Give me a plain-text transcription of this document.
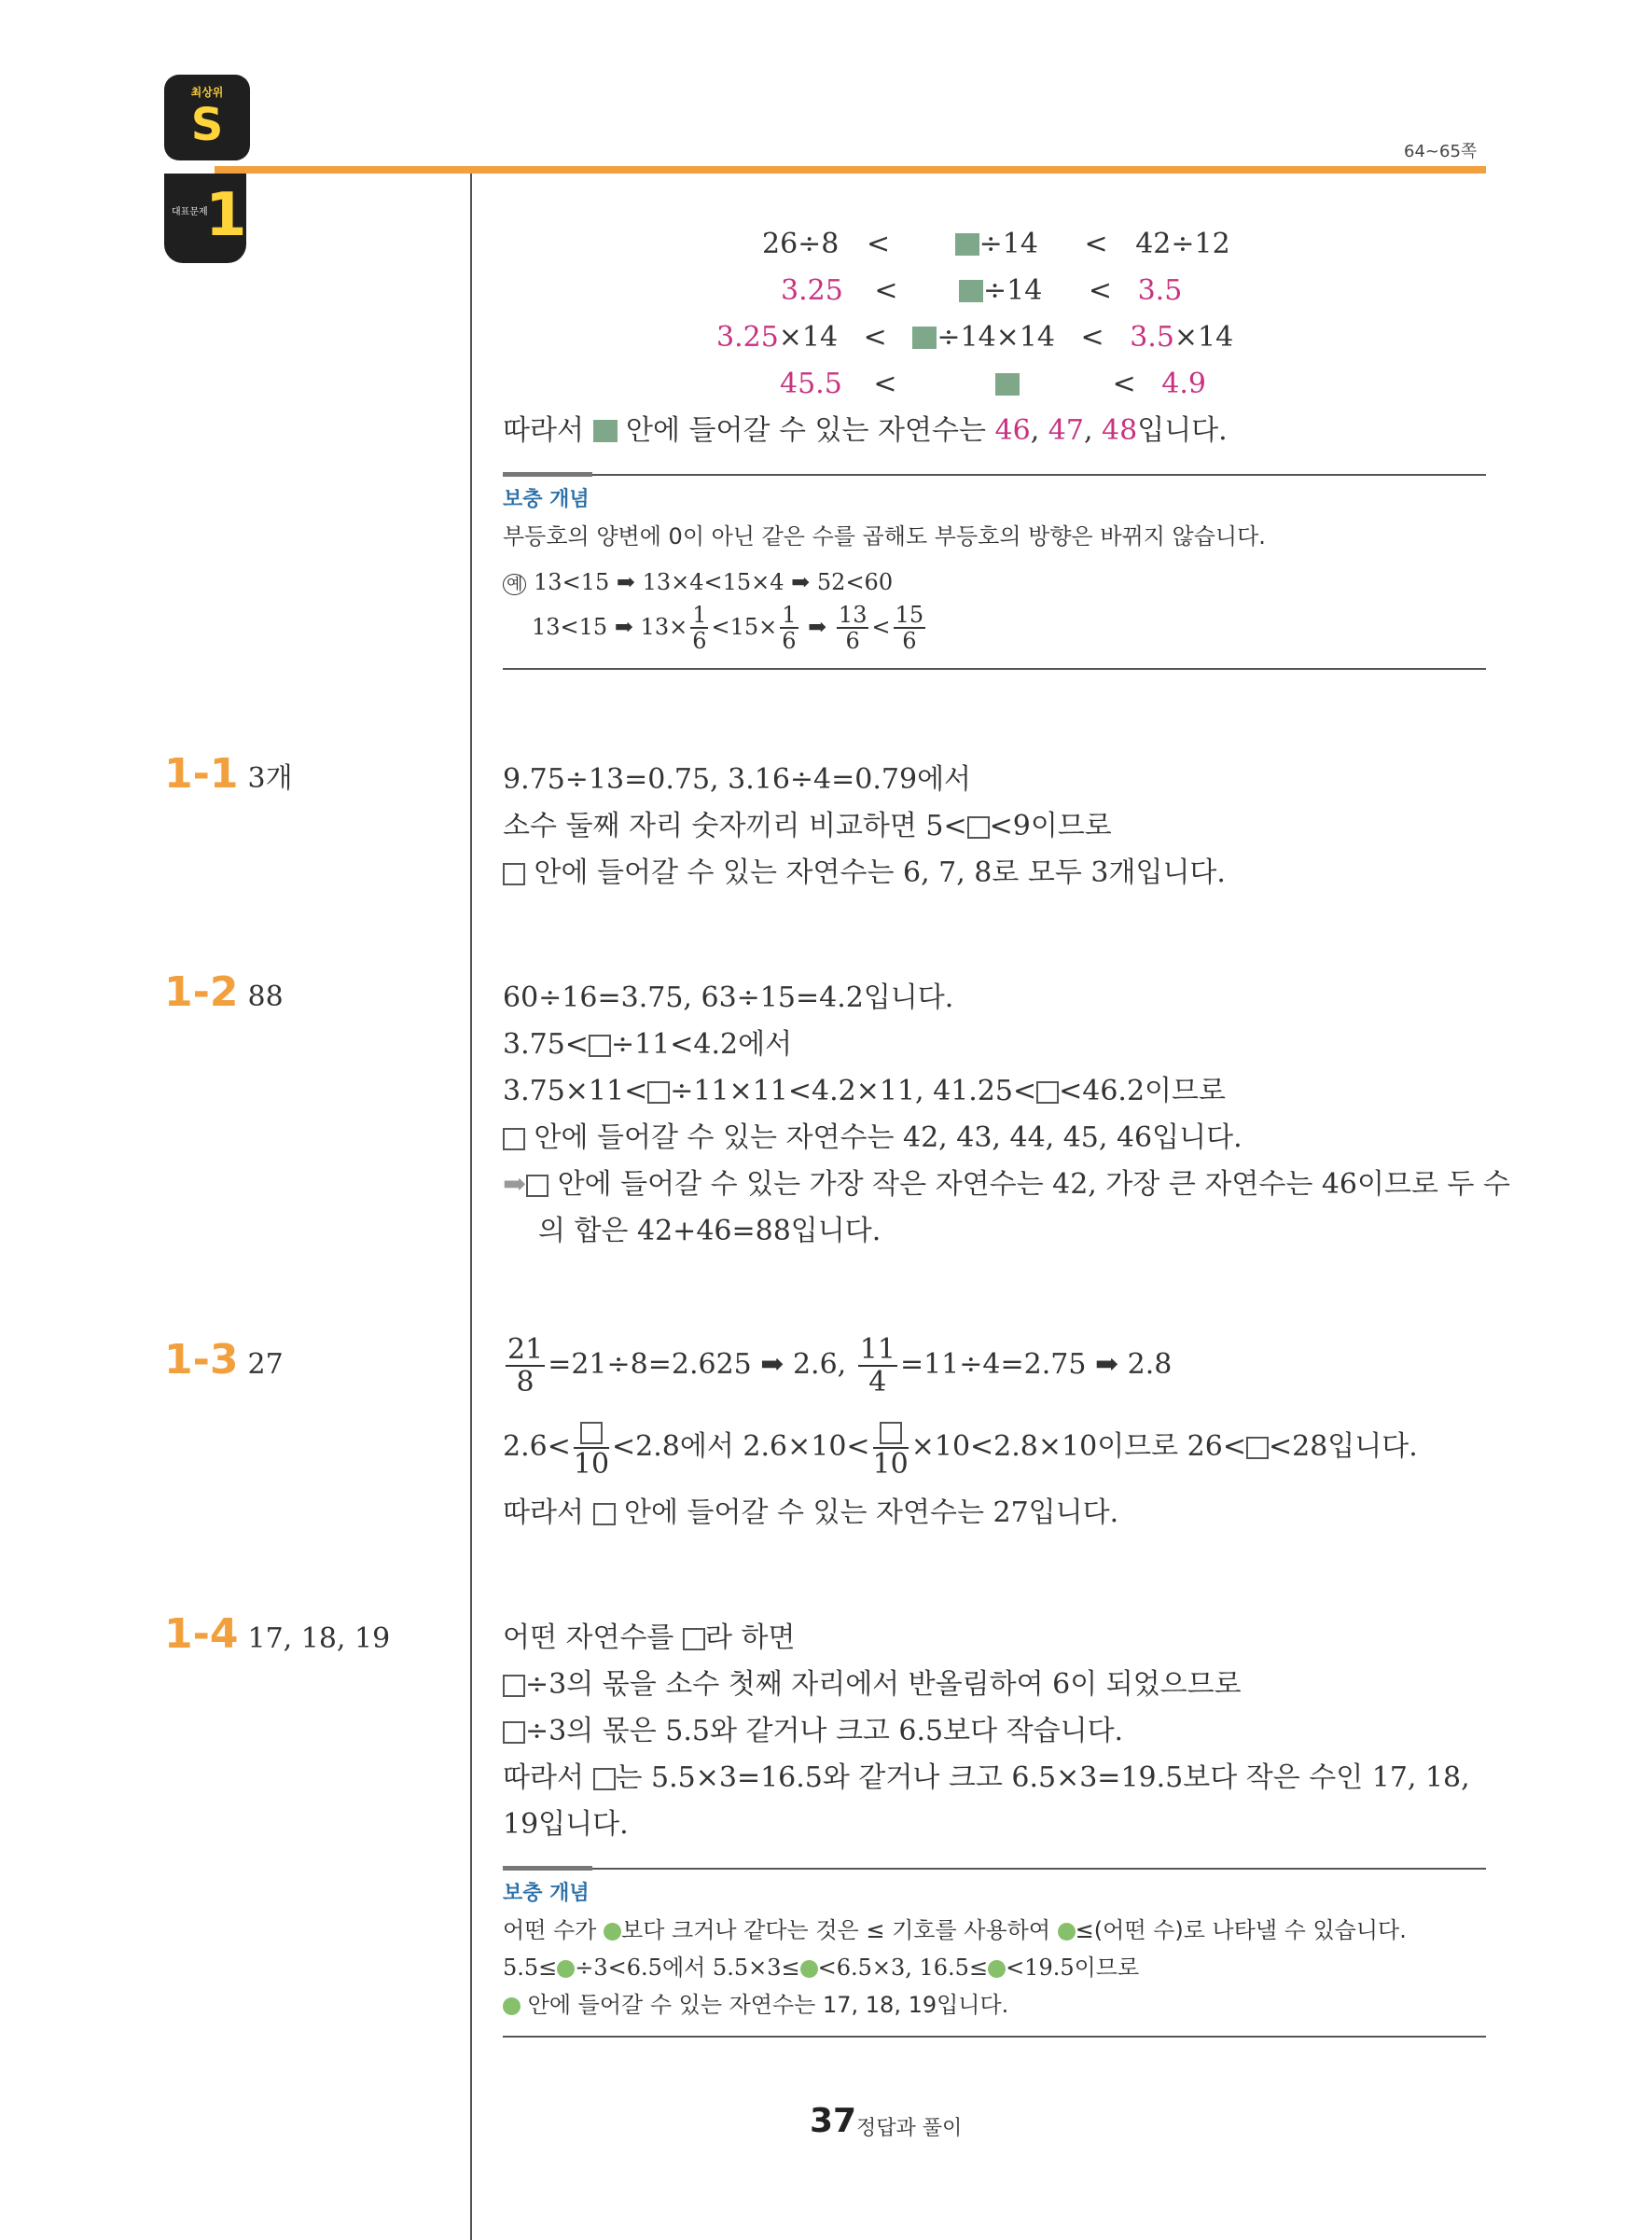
최상위
S
대표문제
1
64~65쪽
26÷8 <	÷14 < 42÷12
3.25 <	÷14 < 3.5
3.25×14 < ÷14×14 < 3.5×14
45.5 <	< 4.9
따라서 안에 들어갈 수 있는 자연수는 46, 47, 48입니다.
보충 개념
부등호의 양변에 0이 아닌 같은 수를 곱해도 부등호의 방향은 바뀌지 않습니다.
예 13<15 ➡ 13×4<15×4 ➡ 52<60
13<15 ➡ $13\times \frac{1}{6} <15\times \frac{1}{6}$ ➡ $\frac{13}{6} < \frac{15}{6}$
1-1 3개	9.75÷13=0.75, 3.16÷4=0.79에서
소수 둘째 자리 숫자끼리 비교하면 5< <9이므로
안에 들어갈 수 있는 자연수는 6, 7, 8로 모두 3개입니다.
1-2 88	60÷16=3.75, 63÷15=4.2입니다.
3.75< ÷11<4.2에서
3.75×11< ÷11×11<4.2×11, 41.25< <46.2이므로
안에 들어갈 수 있는 자연수는 42, 43, 44, 45, 46입니다.
➡ 안에 들어갈 수 있는 가장 작은 자연수는 42, 가장 큰 자연수는 46이므로 두 수
의 합은 42+46=88입니다.
1-3 27	$\frac{21}{8} =21\div 8=2.625$ ➡ 2.6, $\frac{11}{4} =11\div 4=2.75$ ➡ 2.8
2.6<
10
<2.8에서 2.6×10<
10
×10<2.8×10이므로 26< <28입니다.
따라서 안에 들어갈 수 있는 자연수는 27입니다.
1-4 17, 18, 19	어떤 자연수를 라 하면
÷3의 몫을 소수 첫째 자리에서 반올림하여 6이 되었으므로
÷3의 몫은 5.5와 같거나 크고 6.5보다 작습니다.
따라서 는 5.5×3=16.5와 같거나 크고 6.5×3=19.5보다 작은 수인 17, 18,
19입니다.
보충 개념
어떤 수가 보다 크거나 같다는 것은 ≤ 기호를 사용하여 ≤(어떤 수)로 나타낼 수 있습니다.
5.5≤ ÷3<6.5에서 5.5×3≤ <6.5×3, 16.5≤ <19.5이므로
안에 들어갈 수 있는 자연수는 17, 18, 19입니다.
37 정답과 풀이
